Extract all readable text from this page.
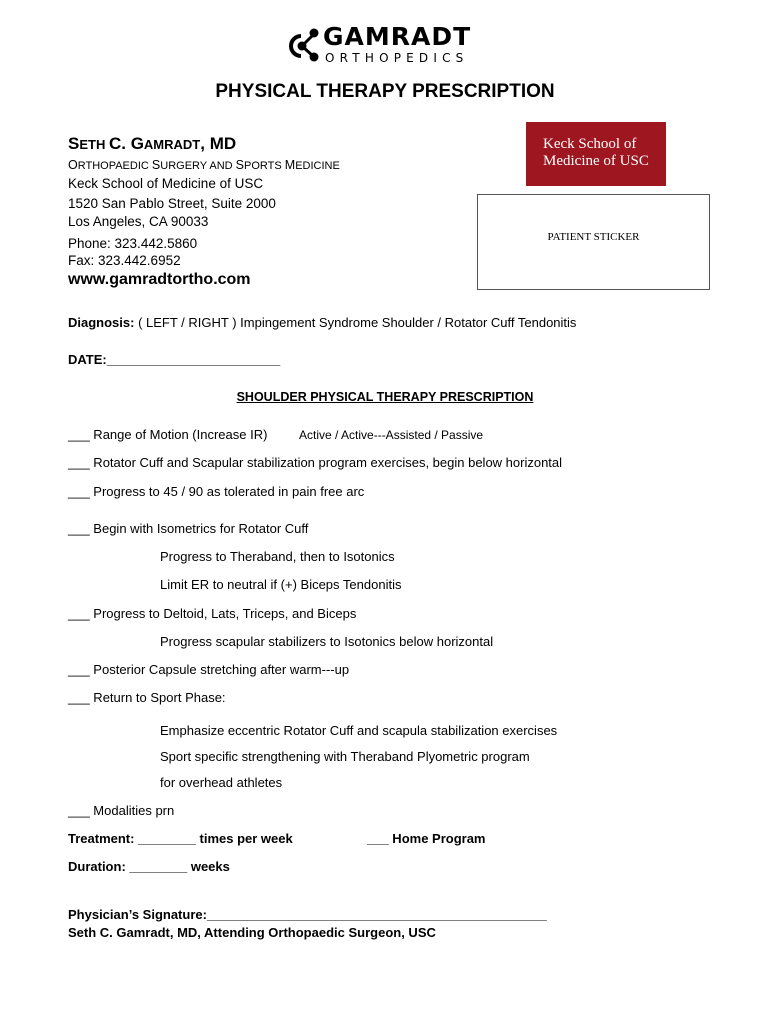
GAMRADT
ORTHOPEDICS
PHYSICAL THERAPY PRESCRIPTION
SETH C. GAMRADT, MD
ORTHOPAEDIC SURGERY AND SPORTS MEDICINE
Keck School of Medicine of USC
1520 San Pablo Street, Suite 2000
Los Angeles, CA 90033
Phone: 323.442.5860
Fax: 323.442.6952
www.gamradtortho.com
Keck School of
Medicine of USC
PATIENT STICKER
Diagnosis: ( LEFT / RIGHT ) Impingement Syndrome Shoulder / Rotator Cuff Tendonitis
DATE:________________________
SHOULDER PHYSICAL THERAPY PRESCRIPTION
___ Range of Motion (Increase IR)	Active / Active---Assisted / Passive
___ Rotator Cuff and Scapular stabilization program exercises, begin below horizontal
___ Progress to 45 / 90 as tolerated in pain free arc
___ Begin with Isometrics for Rotator Cuff
Progress to Theraband, then to Isotonics
Limit ER to neutral if (+) Biceps Tendonitis
___ Progress to Deltoid, Lats, Triceps, and Biceps
Progress scapular stabilizers to Isotonics below horizontal
___ Posterior Capsule stretching after warm---up
___ Return to Sport Phase:
Emphasize eccentric Rotator Cuff and scapula stabilization exercises
Sport specific strengthening with Theraband Plyometric program
for overhead athletes
___ Modalities prn
Treatment: ________ times per week	___ Home Program
Duration: ________ weeks
Physician’s Signature:_______________________________________________
Seth C. Gamradt, MD, Attending Orthopaedic Surgeon, USC
